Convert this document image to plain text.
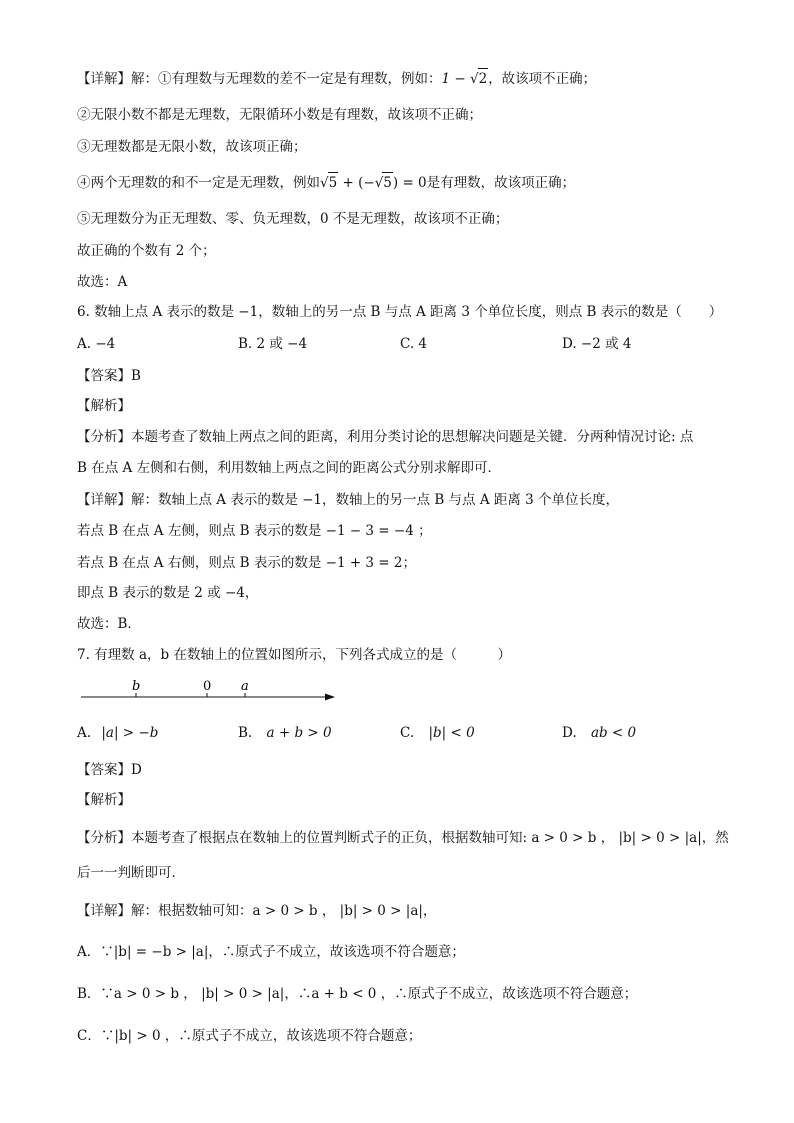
【详解】解：①有理数与无理数的差不一定是有理数，例如：1 − √2，故该项不正确；
②无限小数不都是无理数，无限循环小数是有理数，故该项不正确；
③无理数都是无限小数，故该项正确；
④两个无理数的和不一定是无理数，例如√5 + (−√5) = 0是有理数，故该项正确；
⑤无理数分为正无理数、零、负无理数，0 不是无理数，故该项不正确；
故正确的个数有 2 个；
故选：A
6. 数轴上点 A 表示的数是 −1，数轴上的另一点 B 与点 A 距离 3 个单位长度，则点 B 表示的数是（　　）
A. −4	B. 2 或 −4	C. 4	D. −2 或 4
【答案】B
【解析】
【分析】本题考查了数轴上两点之间的距离，利用分类讨论的思想解决问题是关键．分两种情况讨论: 点
B 在点 A 左侧和右侧，利用数轴上两点之间的距离公式分别求解即可．
【详解】解：数轴上点 A 表示的数是 −1，数轴上的另一点 B 与点 A 距离 3 个单位长度，
若点 B 在点 A 左侧，则点 B 表示的数是 −1 − 3 = −4 ；
若点 B 在点 A 右侧，则点 B 表示的数是 −1 + 3 = 2；
即点 B 表示的数是 2 或 −4，
故选：B．
7. 有理数 a，b 在数轴上的位置如图所示，下列各式成立的是（　　　）
b	0 a
A. |a| > −b	B. a + b > 0	C. |b| < 0	D. ab < 0
【答案】D
【解析】
【分析】本题考查了根据点在数轴上的位置判断式子的正负，根据数轴可知: a > 0 > b ， |b| > 0 > |a|，然
后一一判断即可．
【详解】解：根据数轴可知：a > 0 > b ， |b| > 0 > |a|，
A．∵|b| = −b > |a|，∴原式子不成立，故该选项不符合题意；
B．∵a > 0 > b ， |b| > 0 > |a|，∴a + b < 0 ，∴原式子不成立，故该选项不符合题意；
C．∵|b| > 0 ，∴原式子不成立，故该选项不符合题意；
